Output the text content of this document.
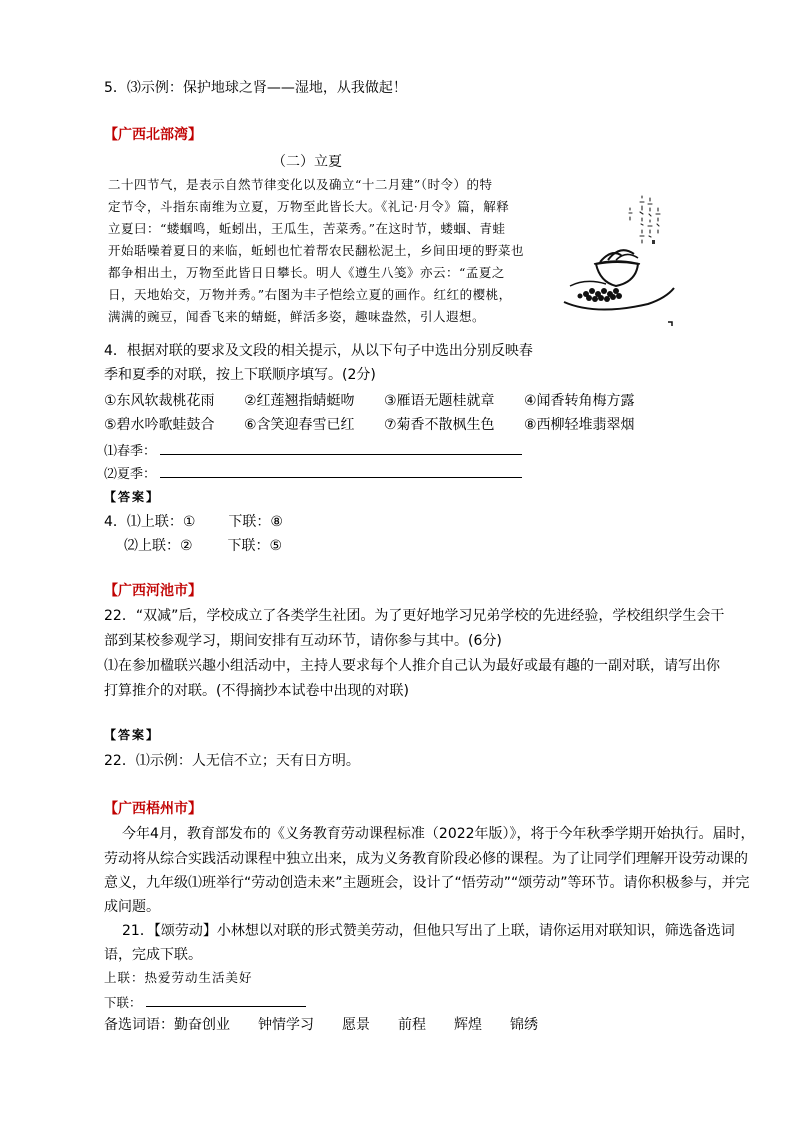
5．⑶示例：保护地球之肾——湿地，从我做起！
【广西北部湾】
（二）立夏
二十四节气，是表示自然节律变化以及确立“十二月建”（时令）的特
定节令，斗指东南维为立夏，万物至此皆长大。《礼记·月令》篇，解释
立夏曰：“蝼蝈鸣，蚯蚓出，王瓜生，苦菜秀。”在这时节，蝼蝈、青蛙
开始聒噪着夏日的来临，蚯蚓也忙着帮农民翻松泥土，乡间田埂的野菜也
都争相出土，万物至此皆日日攀长。明人《遵生八笺》亦云：“孟夏之
日，天地始交，万物并秀。”右图为丰子恺绘立夏的画作。红红的樱桃，
满满的豌豆，闻香飞来的蜻蜓，鲜活多姿，趣味盎然，引人遐想。
4．根据对联的要求及文段的相关提示，从以下句子中选出分别反映春
季和夏季的对联，按上下联顺序填写。(2分)
①东风软裁桃花雨 ②红莲翘指蜻蜓吻 ③雁语无题桂就章 ④闻香转角梅方露
⑤碧水吟歌蛙鼓合 ⑥含笑迎春雪已红 ⑦菊香不散枫生色 ⑧西柳轻堆翡翠烟
⑴春季：
⑵夏季：
【答案】
4．⑴上联：① 下联：⑧
⑵上联：② 下联：⑤
【广西河池市】
22．“双减”后，学校成立了各类学生社团。为了更好地学习兄弟学校的先进经验，学校组织学生会干
部到某校参观学习，期间安排有互动环节，请你参与其中。(6分)
⑴在参加楹联兴趣小组活动中，主持人要求每个人推介自己认为最好或最有趣的一副对联，请写出你
打算推介的对联。(不得摘抄本试卷中出现的对联)
【答案】
22．⑴示例：人无信不立；天有日方明。
【广西梧州市】
今年4月，教育部发布的《义务教育劳动课程标准（2022年版）》，将于今年秋季学期开始执行。届时，
劳动将从综合实践活动课程中独立出来，成为义务教育阶段必修的课程。为了让同学们理解开设劳动课的
意义，九年级⑴班举行“劳动创造未来”主题班会，设计了“悟劳动”“颂劳动”等环节。请你积极参与，并完
成问题。
21．【颂劳动】小林想以对联的形式赞美劳动，但他只写出了上联，请你运用对联知识，筛选备选词
语，完成下联。
上联：热爱劳动生活美好
下联：
备选词语：勤奋创业 钟情学习 愿景 前程 辉煌 锦绣
